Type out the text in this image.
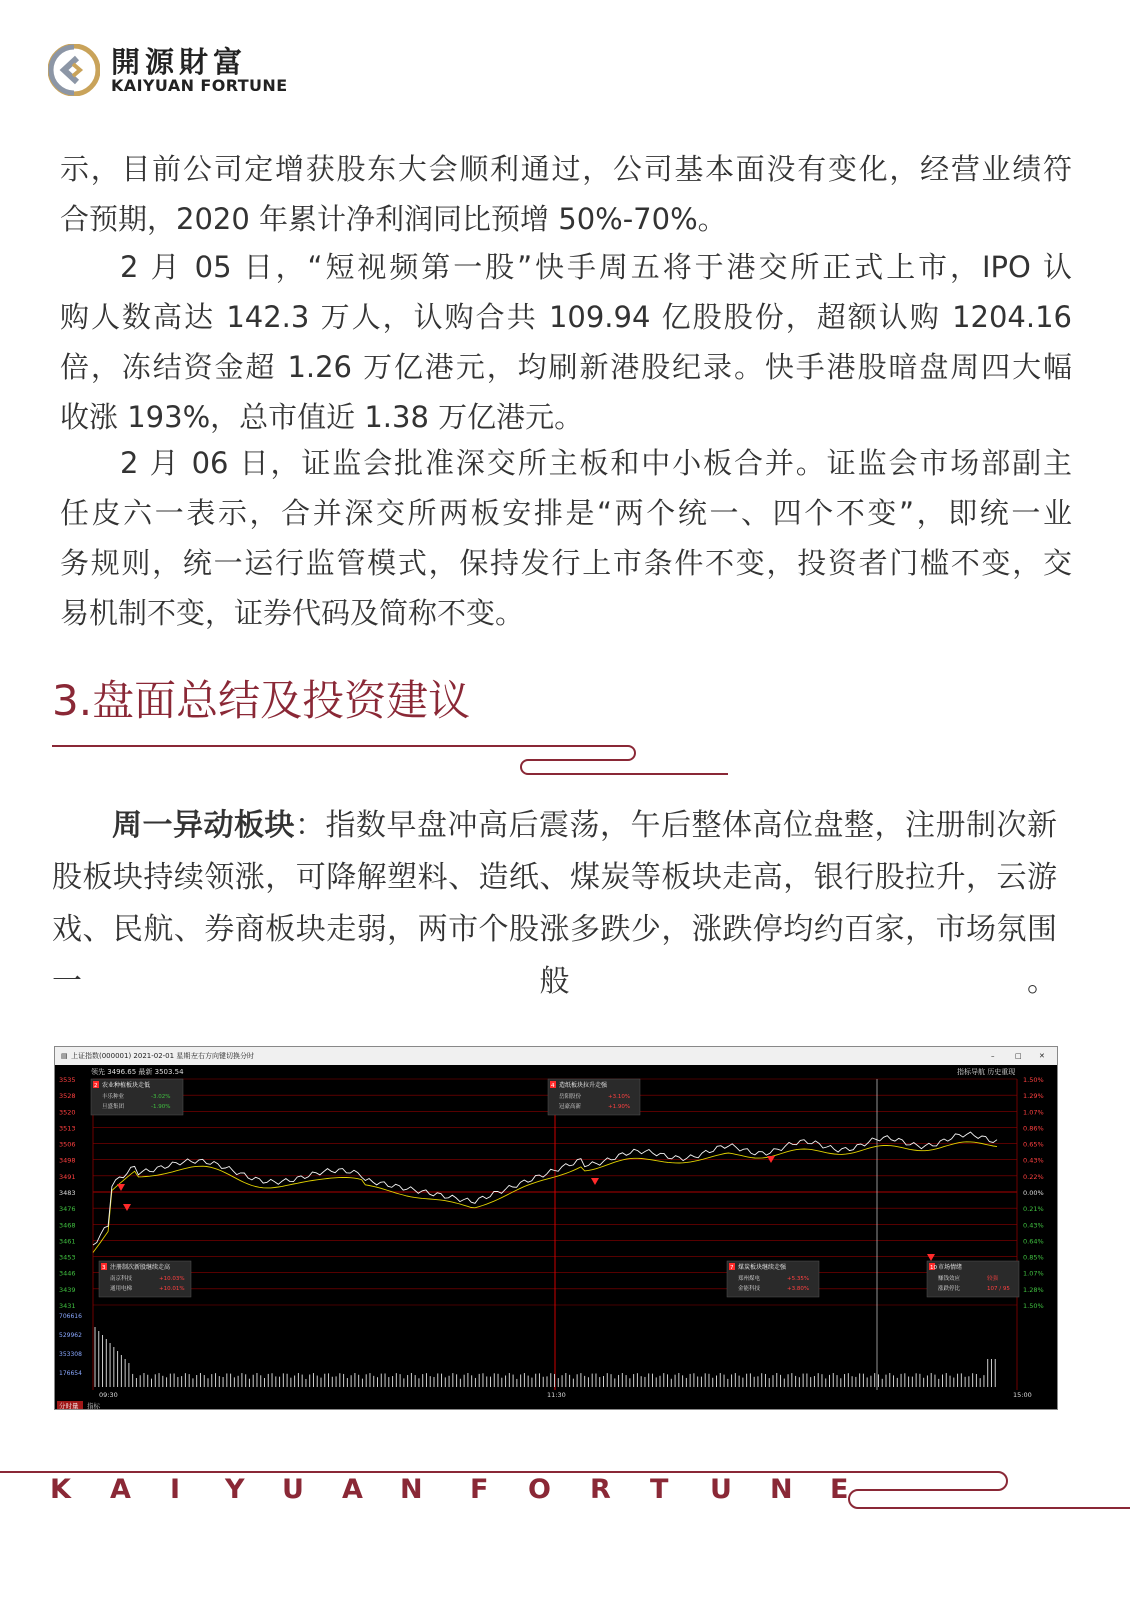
開源財富
KAIYUAN FORTUNE
示，目前公司定增获股东大会顺利通过，公司基本面没有变化，经营业绩符
合预期，2020 年累计净利润同比预增 50%-70%。
2 月 05 日，“短视频第一股”快手周五将于港交所正式上市，IPO 认
购人数高达 142.3 万人，认购合共 109.94 亿股股份，超额认购 1204.16
倍，冻结资金超 1.26 万亿港元，均刷新港股纪录。快手港股暗盘周四大幅
收涨 193%，总市值近 1.38 万亿港元。
2 月 06 日，证监会批准深交所主板和中小板合并。证监会市场部副主
任皮六一表示，合并深交所两板安排是“两个统一、四个不变”，即统一业
务规则，统一运行监管模式，保持发行上市条件不变，投资者门槛不变，交
易机制不变，证券代码及简称不变。
3.盘面总结及投资建议
周一异动板块：指数早盘冲高后震荡，午后整体高位盘整，注册制次新
股板块持续领涨，可降解塑料、造纸、煤炭等板块走高，银行股拉升，云游
戏、民航、券商板块走弱，两市个股涨多跌少，涨跌停均约百家，市场氛围
一般。
▤ 上证指数(000001) 2021-02-01 星期一
左右方向键切换分时	–	□ ✕
领先 3496.65 最新 3503.54	指标导航 历史重现
3535	1.50%
3528	1.29%
3520	1.07%
3513	0.86%
3506	0.65%
3498	0.43%
3491	0.22%
3483	0.00%
3476	0.21%
3468	0.43%
3461	0.64%
3453	0.85%
3446	1.07%
3439	1.28%
3431	1.50%
706616
529962
353308
176654
09:30	11:30	15:00
分时量 指标
2 农业种植板块走低
丰乐种业	-3.02%
旦盛集团	-1.90%
4 造纸板块拉升走强
岳阳股份	+3.10%
冠豪高新	+1.90%
3 注册制次新股继续走高
南京科技	+10.03%
通用电梯	+10.01%
7 煤炭板块继续走强
郑州煤电	+5.35%
金能科技	+3.80%
10 市场情绪
赚钱效应	较强
涨跌停比	107 / 95
K A I Y U A N F O R T U N E
